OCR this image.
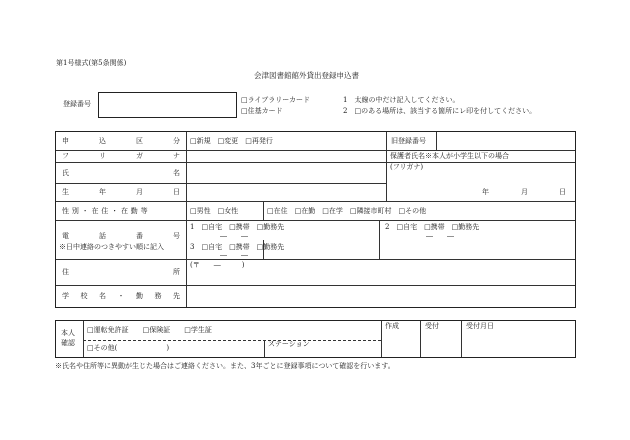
第1号様式(第5条関係)
会津図書館館外貸出登録申込書
登録番号	□ライブラリーカード
□住基カード
1　太線の中だけ記入してください。
2　□のある場所は、該当する箇所にレ印を付してください。
申	込	区	分 □新規　□変更　□再発行	旧登録番号
フ	リ	ガ	ナ	保護者氏名※本人が小学生以下の場合
氏	名
(フリガナ)
生	年	月	日	年	月	日
性 別 ・ 在 住 ・ 在 勤 等	□男性　□女性	□在住　□在勤　□在学　□隣接市町村　□その他
電	話	番	号
※日中連絡のつきやすい順に記入
1　□自宅　□携帯　□勤務先
―　　―
2　□自宅　□携帯　□勤務先
―　　―
3　□自宅　□携帯　□勤務先
―　　―
住	所
(〒　　―　　　)
学 校 名 ・ 勤 務 先
本人
確認
□運転免許証　　□保険証　　□学生証
□その他(　　　　　　　)	ステーション
作成	受付	受付月日
※氏名や住所等に異動が生じた場合はご連絡ください。また、3年ごとに登録事項について確認を行います。
